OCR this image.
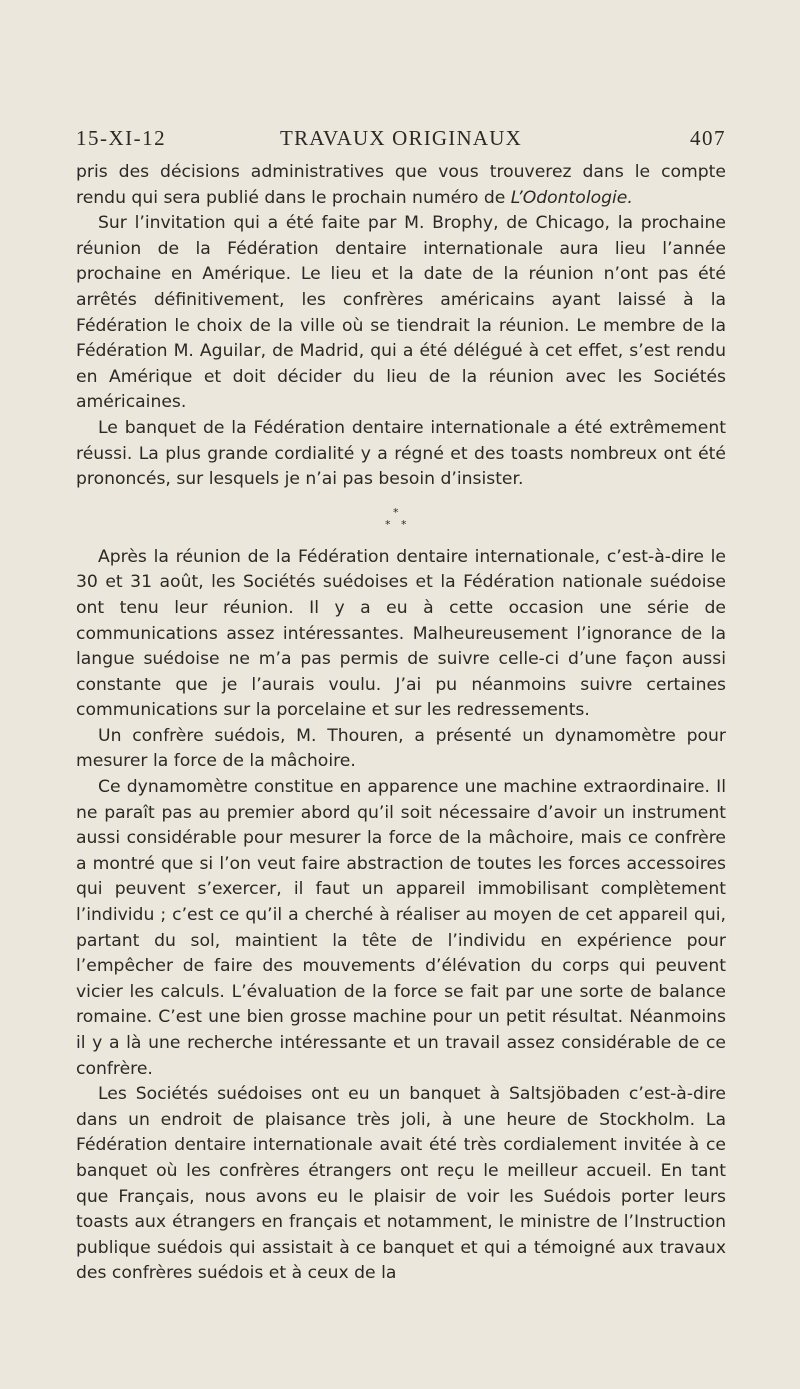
15-XI-12	TRAVAUX ORIGINAUX	407

pris des décisions administratives que vous trouverez dans le compte rendu qui sera publié dans le prochain numéro de L’Odontologie.

Sur l’invitation qui a été faite par M. Brophy, de Chicago, la prochaine réunion de la Fédération dentaire internationale aura lieu l’année prochaine en Amérique. Le lieu et la date de la réunion n’ont pas été arrêtés définitivement, les confrères américains ayant laissé à la Fédération le choix de la ville où se tiendrait la réunion. Le membre de la Fédération M. Aguilar, de Madrid, qui a été délégué à cet effet, s’est rendu en Amérique et doit décider du lieu de la réunion avec les Sociétés américaines.

Le banquet de la Fédération dentaire internationale a été extrêmement réussi. La plus grande cordialité y a régné et des toasts nombreux ont été prononcés, sur lesquels je n’ai pas besoin d’insister.

*
* *

Après la réunion de la Fédération dentaire internationale, c’est-à-dire le 30 et 31 août, les Sociétés suédoises et la Fédération nationale suédoise ont tenu leur réunion. Il y a eu à cette occasion une série de communications assez intéressantes. Malheureusement l’ignorance de la langue suédoise ne m’a pas permis de suivre celle-ci d’une façon aussi constante que je l’aurais voulu. J’ai pu néanmoins suivre certaines communications sur la porcelaine et sur les redressements.

Un confrère suédois, M. Thouren, a présenté un dynamomètre pour mesurer la force de la mâchoire.

Ce dynamomètre constitue en apparence une machine extraordinaire. Il ne paraît pas au premier abord qu’il soit nécessaire d’avoir un instrument aussi considérable pour mesurer la force de la mâchoire, mais ce confrère a montré que si l’on veut faire abstraction de toutes les forces accessoires qui peuvent s’exercer, il faut un appareil immobilisant complètement l’individu ; c’est ce qu’il a cherché à réaliser au moyen de cet appareil qui, partant du sol, maintient la tête de l’individu en expérience pour l’empêcher de faire des mouvements d’élévation du corps qui peuvent vicier les calculs. L’évaluation de la force se fait par une sorte de balance romaine. C’est une bien grosse machine pour un petit résultat. Néanmoins il y a là une recherche intéressante et un travail assez considérable de ce confrère.

Les Sociétés suédoises ont eu un banquet à Saltsjöbaden c’est-à-dire dans un endroit de plaisance très joli, à une heure de Stockholm. La Fédération dentaire internationale avait été très cordialement invitée à ce banquet où les confrères étrangers ont reçu le meilleur accueil. En tant que Français, nous avons eu le plaisir de voir les Suédois porter leurs toasts aux étrangers en français et notamment, le ministre de l’Instruction publique suédois qui assistait à ce banquet et qui a témoigné aux travaux des confrères suédois et à ceux de la
